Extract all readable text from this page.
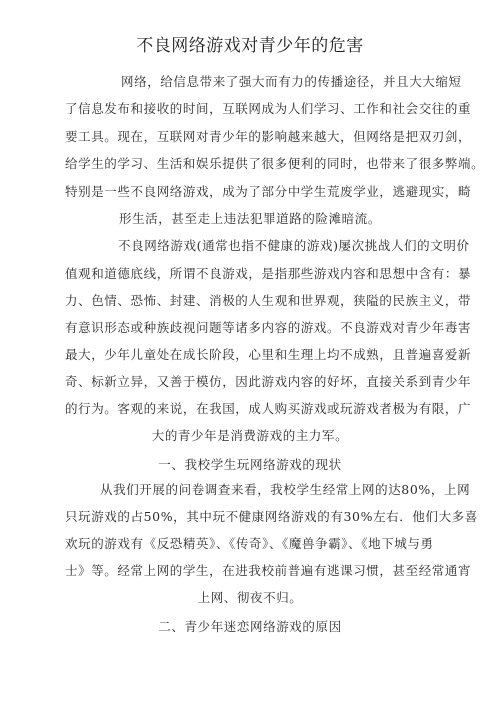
不良网络游戏对青少年的危害
网络，给信息带来了强大而有力的传播途径，并且大大缩短
了信息发布和接收的时间，互联网成为人们学习、工作和社会交往的重
要工具。现在，互联网对青少年的影响越来越大，但网络是把双刃剑，
给学生的学习、生活和娱乐提供了很多便利的同时，也带来了很多弊端。
特别是一些不良网络游戏，成为了部分中学生荒废学业，逃避现实，畸
形生活，甚至走上违法犯罪道路的险滩暗流。
不良网络游戏(通常也指不健康的游戏)屡次挑战人们的文明价
值观和道德底线，所谓不良游戏，是指那些游戏内容和思想中含有：暴
力、色情、恐怖、封建、消极的人生观和世界观，狭隘的民族主义，带
有意识形态或种族歧视问题等诸多内容的游戏。不良游戏对青少年毒害
最大，少年儿童处在成长阶段，心里和生理上均不成熟，且普遍喜爱新
奇、标新立异，又善于模仿，因此游戏内容的好坏，直接关系到青少年
的行为。客观的来说，在我国，成人购买游戏或玩游戏者极为有限，广
大的青少年是消费游戏的主力军。
一、我校学生玩网络游戏的现状
从我们开展的问卷调查来看，我校学生经常上网的达80%，上网
只玩游戏的占50%，其中玩不健康网络游戏的有30%左右．他们大多喜
欢玩的游戏有《反恐精英》、《传奇》、《魔兽争霸》、《地下城与勇
士》等。经常上网的学生，在进我校前普遍有逃课习惯，甚至经常通宵
上网、彻夜不归。
二、青少年迷恋网络游戏的原因
